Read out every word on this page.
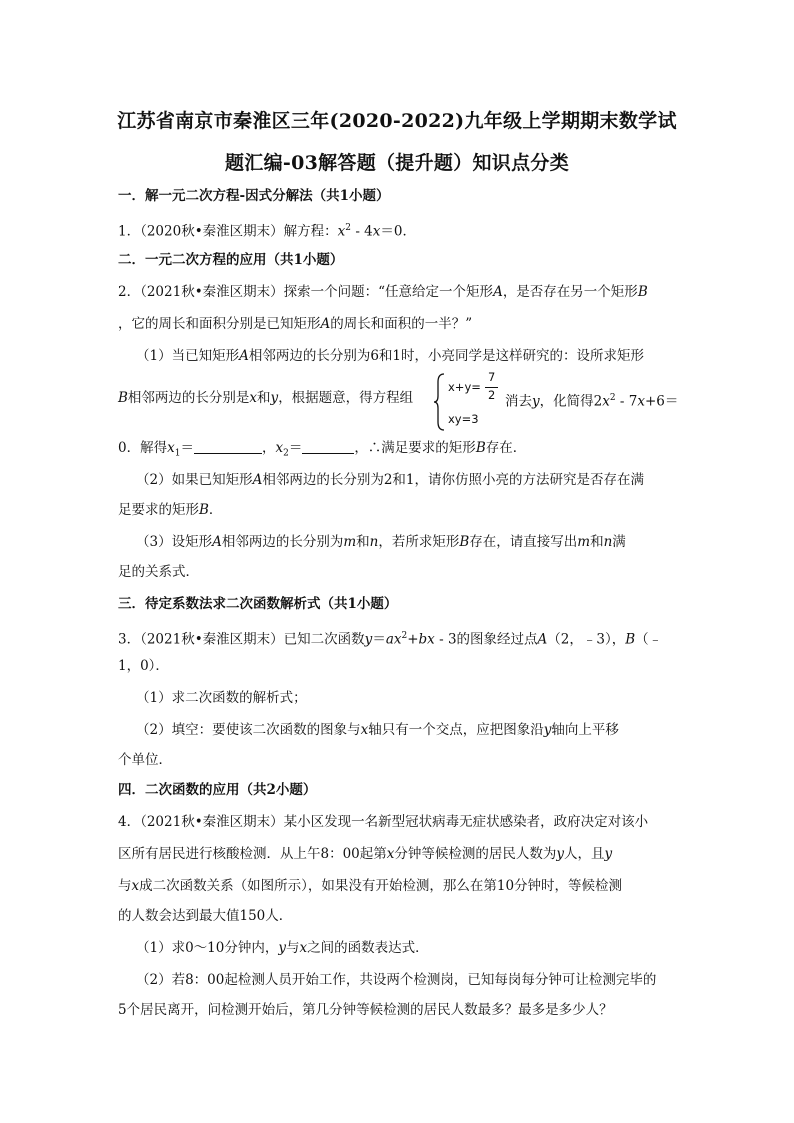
江苏省南京市秦淮区三年(2020-2022)九年级上学期期末数学试
题汇编-03解答题（提升题）知识点分类
一．解一元二次方程-因式分解法（共1小题）
1．（2020秋•秦淮区期末）解方程：$x^2 - 4x=0$．
二．一元二次方程的应用（共1小题）
2．（2021秋•秦淮区期末）探索一个问题：“任意给定一个矩形A，是否存在另一个矩形B
，它的周长和面积分别是已知矩形A的周长和面积的一半？”
（1）当已知矩形A相邻两边的长分别为6和1时，小亮同学是这样研究的：设所求矩形
B相邻两边的长分别是x和y，根据题意，得方程组
x+y=
7
2
xy=3
消去y，化简得$2x^2 - 7x+6=$
0．解得$x_1=$	，$x_2=$	，∴满足要求的矩形B存在．
（2）如果已知矩形A相邻两边的长分别为2和1，请你仿照小亮的方法研究是否存在满
足要求的矩形B．
（3）设矩形A相邻两边的长分别为m和n，若所求矩形B存在，请直接写出m和n满
足的关系式．
三．待定系数法求二次函数解析式（共1小题）
3．（2021秋•秦淮区期末）已知二次函数$y=ax^2+bx - 3$的图象经过点A（2，﹣3），B（﹣
1，0）．
（1）求二次函数的解析式；
（2）填空：要使该二次函数的图象与x轴只有一个交点，应把图象沿y轴向上平移
个单位．
四．二次函数的应用（共2小题）
4．（2021秋•秦淮区期末）某小区发现一名新型冠状病毒无症状感染者，政府决定对该小
区所有居民进行核酸检测．从上午8：00起第x分钟等候检测的居民人数为y人，且y
与x成二次函数关系（如图所示），如果没有开始检测，那么在第10分钟时，等候检测
的人数会达到最大值150人．
（1）求0～10分钟内，y与x之间的函数表达式．
（2）若8：00起检测人员开始工作，共设两个检测岗，已知每岗每分钟可让检测完毕的
5个居民离开，问检测开始后，第几分钟等候检测的居民人数最多？最多是多少人？
